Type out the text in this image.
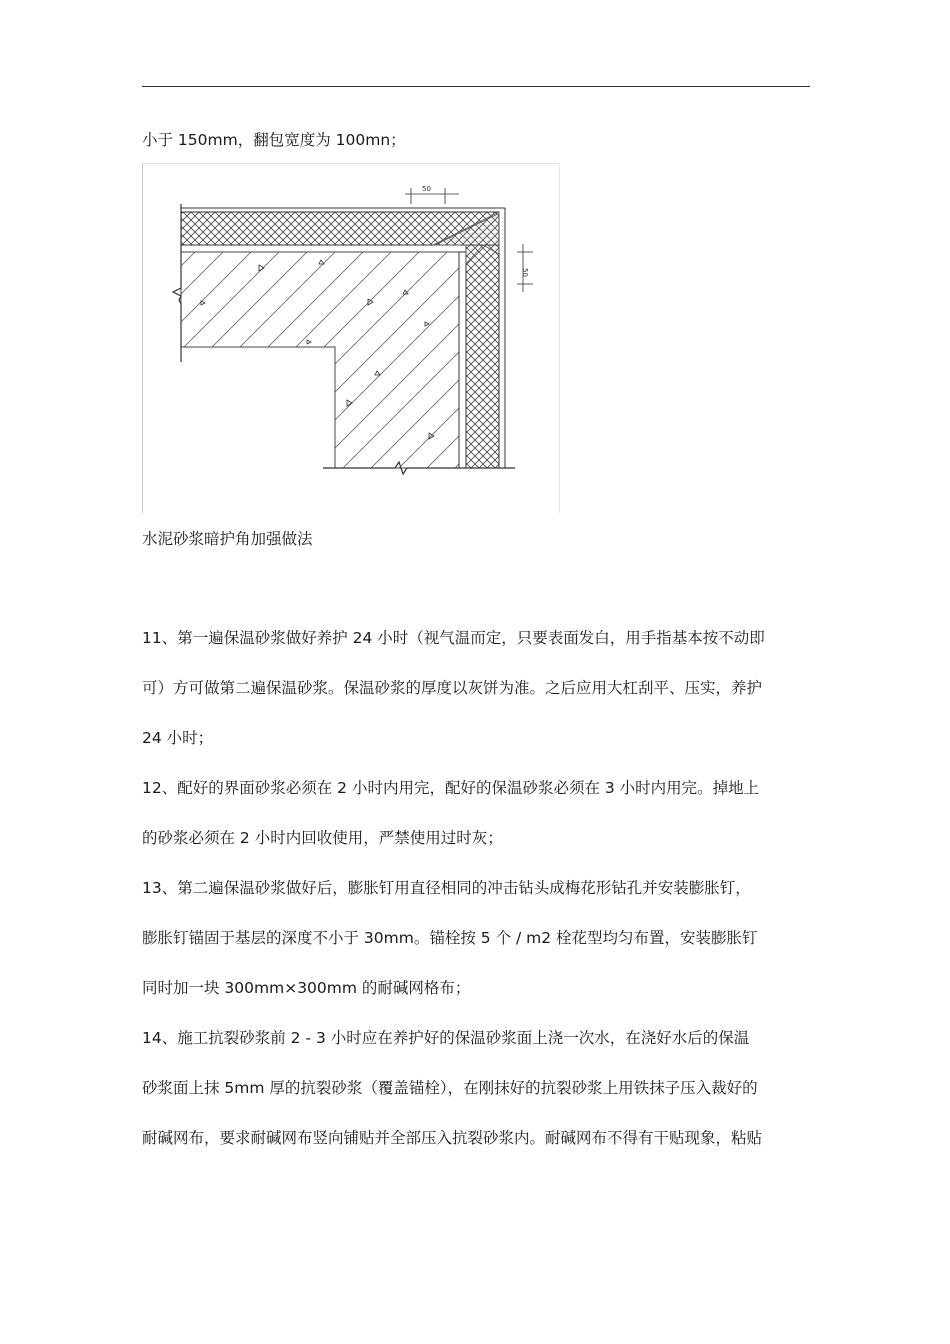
小于 150mm，翻包宽度为 100mn；
50
50
水泥砂浆暗护角加强做法
11、第一遍保温砂浆做好养护 24 小时（视气温而定，只要表面发白，用手指基本按不动即
可）方可做第二遍保温砂浆。保温砂浆的厚度以灰饼为准。之后应用大杠刮平、压实，养护
24 小时；
12、配好的界面砂浆必须在 2 小时内用完，配好的保温砂浆必须在 3 小时内用完。掉地上
的砂浆必须在 2 小时内回收使用，严禁使用过时灰；
13、第二遍保温砂浆做好后，膨胀钉用直径相同的冲击钻头成梅花形钻孔并安装膨胀钉，
膨胀钉锚固于基层的深度不小于 30mm。锚栓按 5 个 / m2 栓花型均匀布置，安装膨胀钉
同时加一块 300mm×300mm 的耐碱网格布；
14、施工抗裂砂浆前 2 - 3 小时应在养护好的保温砂浆面上浇一次水，在浇好水后的保温
砂浆面上抹 5mm 厚的抗裂砂浆（覆盖锚栓），在刚抹好的抗裂砂浆上用铁抹子压入裁好的
耐碱网布，要求耐碱网布竖向铺贴并全部压入抗裂砂浆内。耐碱网布不得有干贴现象，粘贴
